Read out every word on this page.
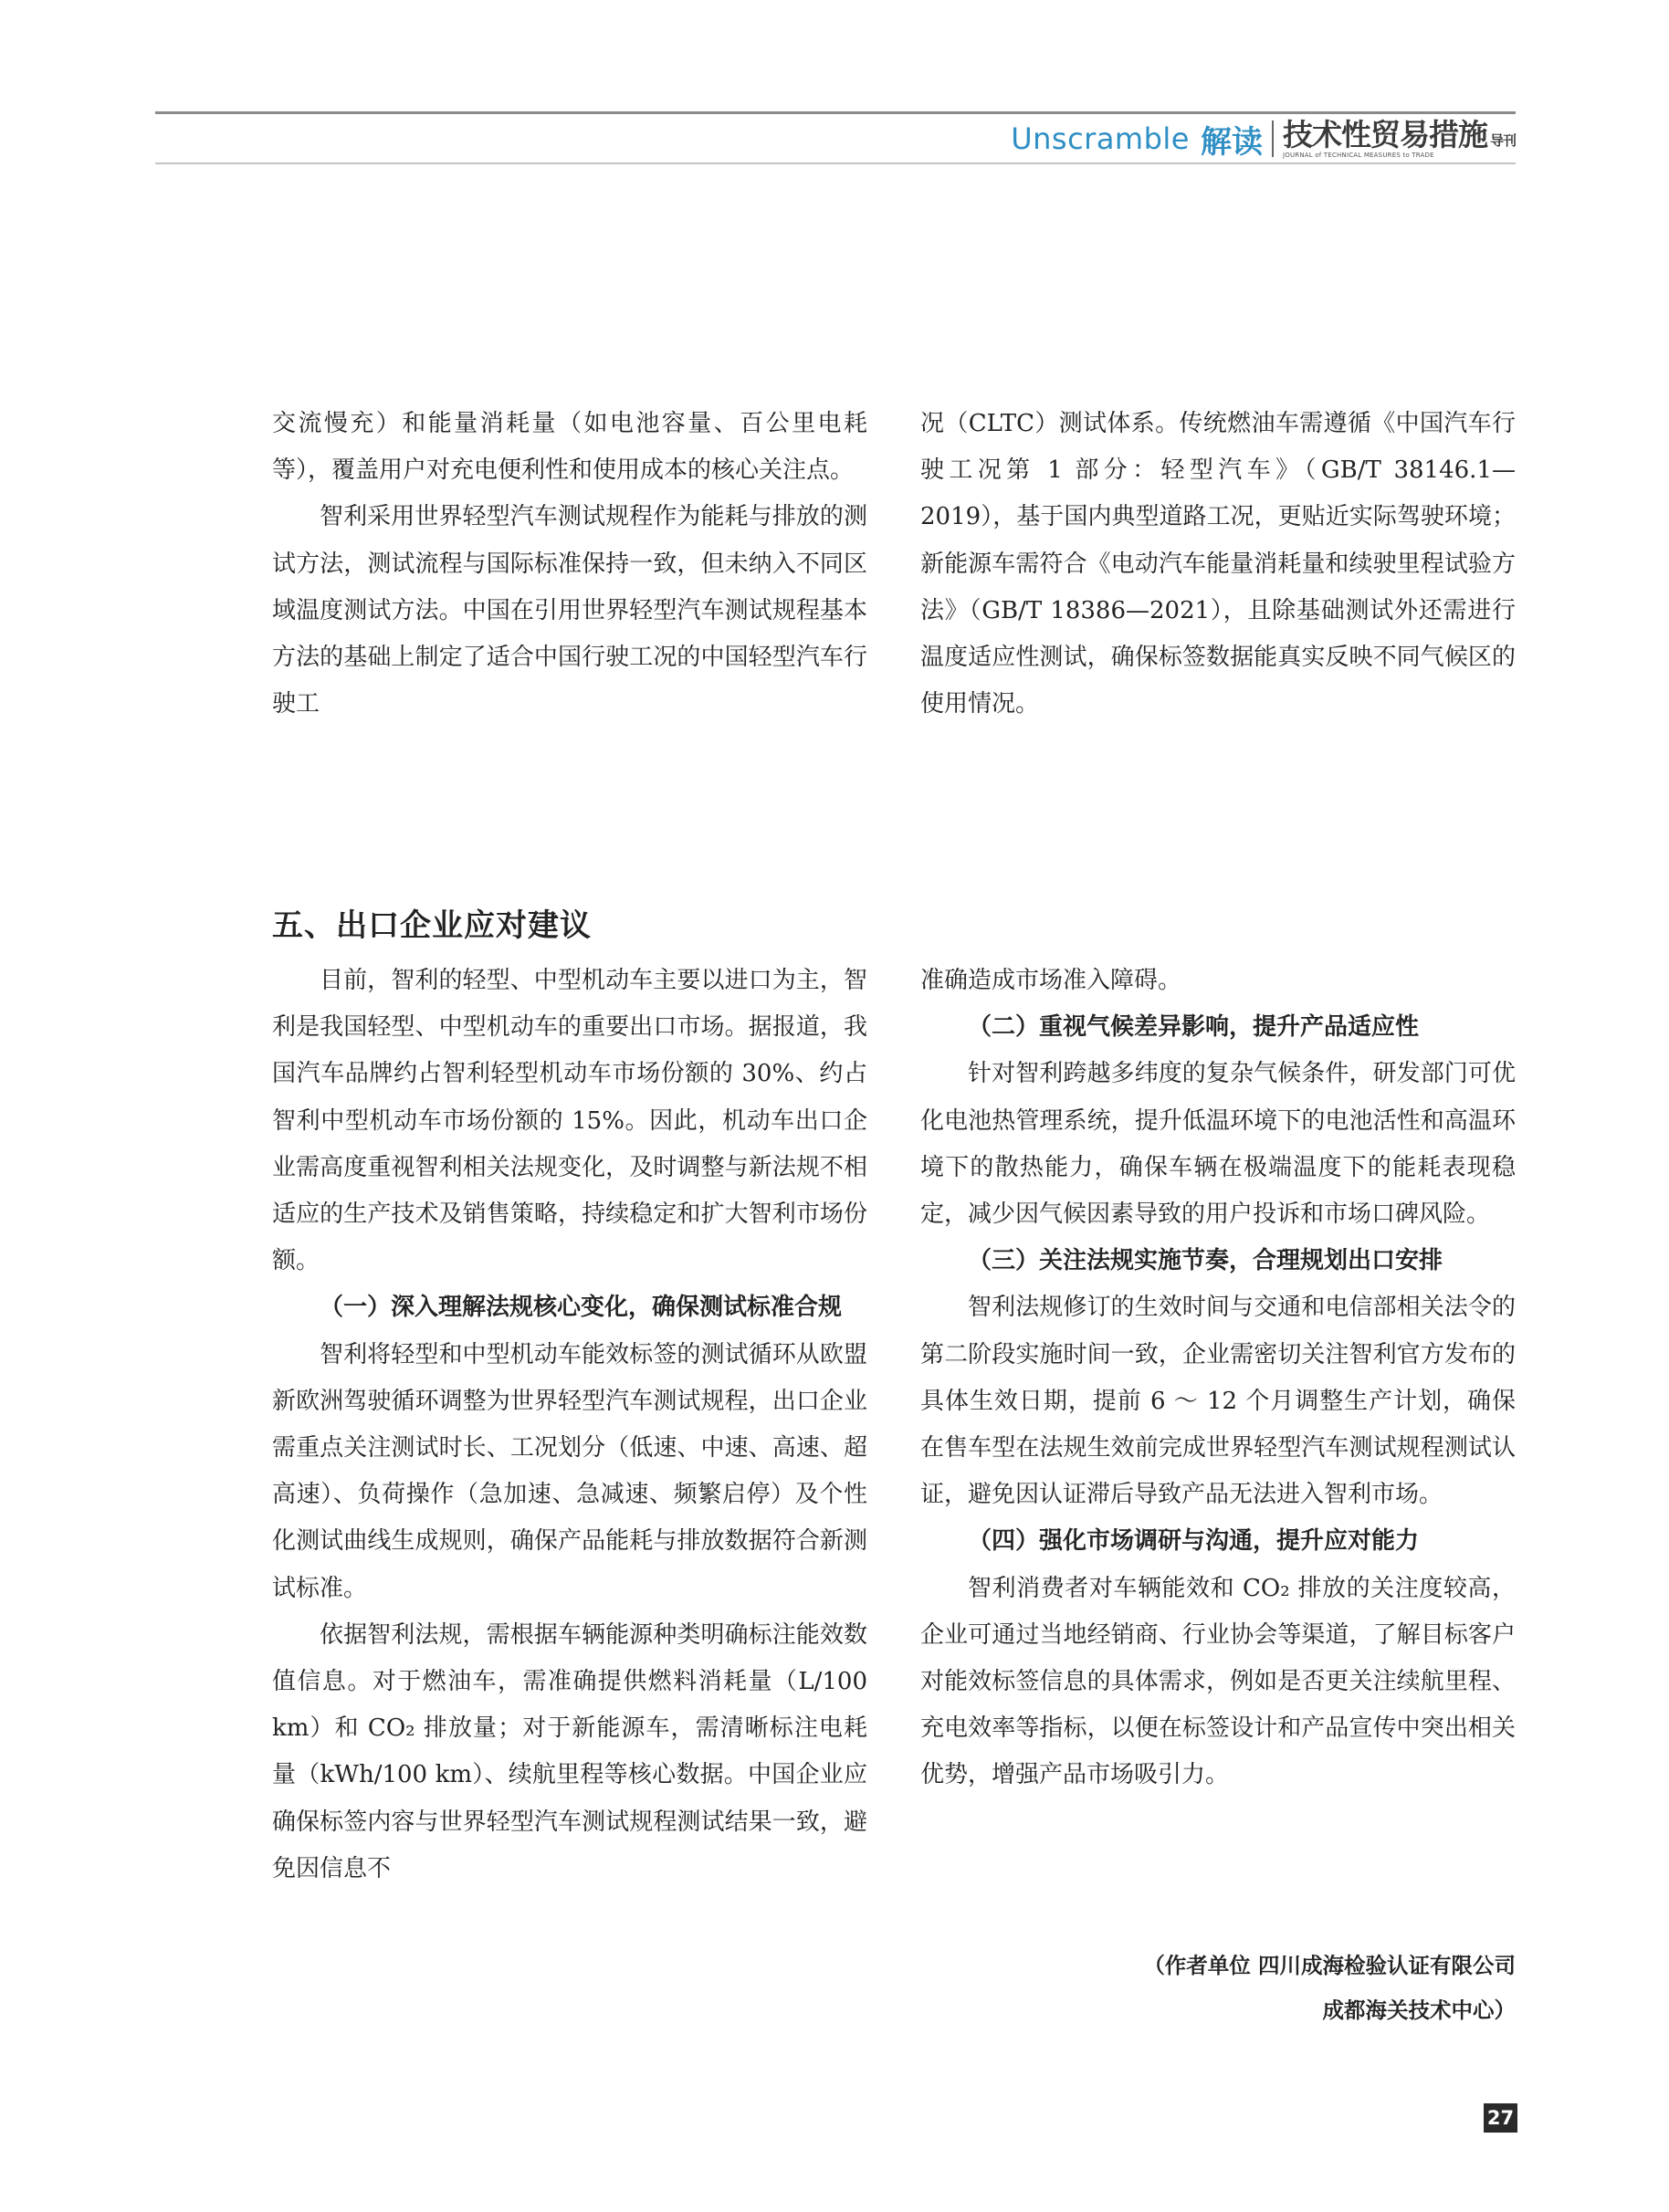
Unscramble 解读 技术性贸易措施 导刊
JOURNAL of TECHNICAL MEASURES to TRADE

交流慢充）和能量消耗量（如电池容量、百公里电耗等），覆盖用户对充电便利性和使用成本的核心关注点。

智利采用世界轻型汽车测试规程作为能耗与排放的测试方法，测试流程与国际标准保持一致，但未纳入不同区域温度测试方法。中国在引用世界轻型汽车测试规程基本方法的基础上制定了适合中国行驶工况的中国轻型汽车行驶工

况（CLTC）测试体系。传统燃油车需遵循《中国汽车行驶工况第 1 部分：轻型汽车》（GB/T 38146.1—2019），基于国内典型道路工况，更贴近实际驾驶环境；新能源车需符合《电动汽车能量消耗量和续驶里程试验方法》（GB/T 18386—2021），且除基础测试外还需进行温度适应性测试，确保标签数据能真实反映不同气候区的使用情况。

五、出口企业应对建议

目前，智利的轻型、中型机动车主要以进口为主，智利是我国轻型、中型机动车的重要出口市场。据报道，我国汽车品牌约占智利轻型机动车市场份额的 30%、约占智利中型机动车市场份额的 15%。因此，机动车出口企业需高度重视智利相关法规变化，及时调整与新法规不相适应的生产技术及销售策略，持续稳定和扩大智利市场份额。

（一）深入理解法规核心变化，确保测试标准合规

智利将轻型和中型机动车能效标签的测试循环从欧盟新欧洲驾驶循环调整为世界轻型汽车测试规程，出口企业需重点关注测试时长、工况划分（低速、中速、高速、超高速）、负荷操作（急加速、急减速、频繁启停）及个性化测试曲线生成规则，确保产品能耗与排放数据符合新测试标准。

依据智利法规，需根据车辆能源种类明确标注能效数值信息。对于燃油车，需准确提供燃料消耗量（L/100 km）和 CO₂ 排放量；对于新能源车，需清晰标注电耗量（kWh/100 km）、续航里程等核心数据。中国企业应确保标签内容与世界轻型汽车测试规程测试结果一致，避免因信息不

准确造成市场准入障碍。

（二）重视气候差异影响，提升产品适应性

针对智利跨越多纬度的复杂气候条件，研发部门可优化电池热管理系统，提升低温环境下的电池活性和高温环境下的散热能力，确保车辆在极端温度下的能耗表现稳定，减少因气候因素导致的用户投诉和市场口碑风险。

（三）关注法规实施节奏，合理规划出口安排

智利法规修订的生效时间与交通和电信部相关法令的第二阶段实施时间一致，企业需密切关注智利官方发布的具体生效日期，提前 6 ～ 12 个月调整生产计划，确保在售车型在法规生效前完成世界轻型汽车测试规程测试认证，避免因认证滞后导致产品无法进入智利市场。

（四）强化市场调研与沟通，提升应对能力

智利消费者对车辆能效和 CO₂ 排放的关注度较高，企业可通过当地经销商、行业协会等渠道，了解目标客户对能效标签信息的具体需求，例如是否更关注续航里程、充电效率等指标，以便在标签设计和产品宣传中突出相关优势，增强产品市场吸引力。

（作者单位 四川成海检验认证有限公司
成都海关技术中心）
27
